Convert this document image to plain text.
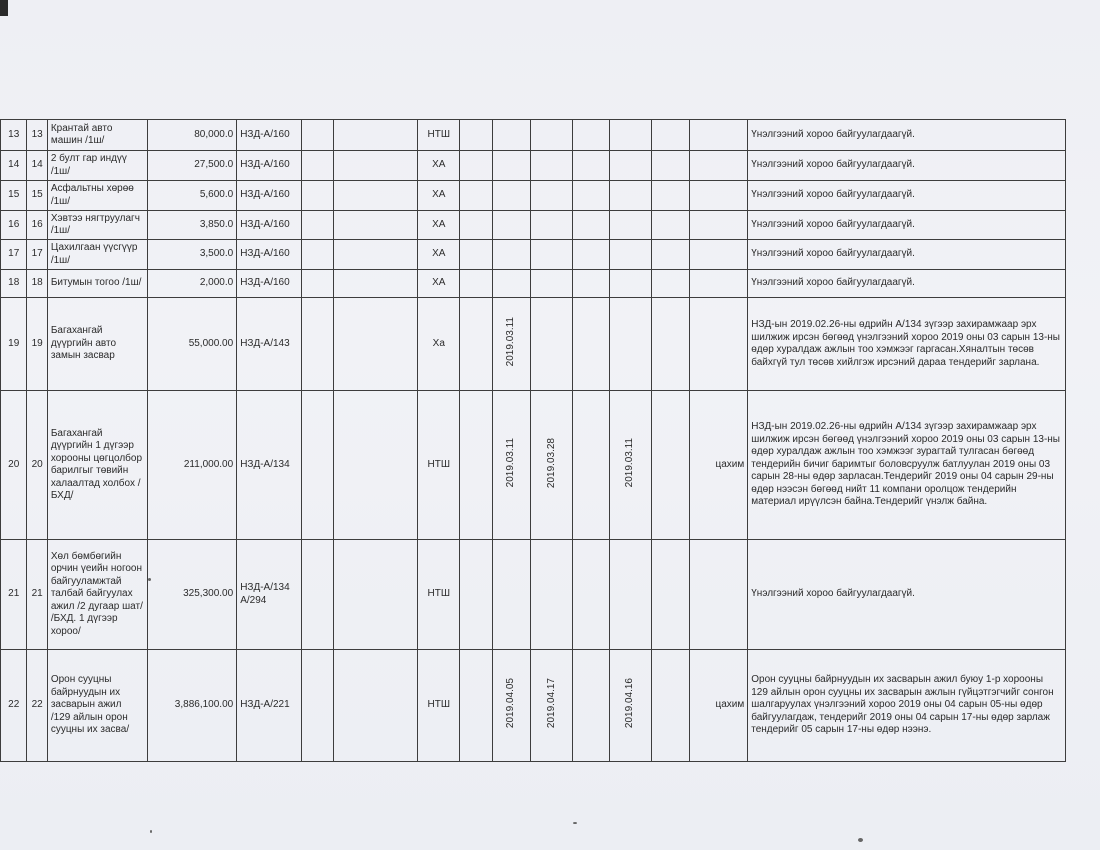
13	13	Крантай авто машин /1ш/	80,000.0	НЗД-А/160			НТШ								Үнэлгээний хороо байгуулагдаагүй.
14	14	2 булт гар индүү /1ш/	27,500.0	НЗД-А/160			ХА								Үнэлгээний хороо байгуулагдаагүй.
15	15	Асфальтны хөрөө /1ш/	5,600.0	НЗД-А/160			ХА								Үнэлгээний хороо байгуулагдаагүй.
16	16	Хэвтээ нягтруулагч /1ш/	3,850.0	НЗД-А/160			ХА								Үнэлгээний хороо байгуулагдаагүй.
17	17	Цахилгаан үүсгүүр /1ш/	3,500.0	НЗД-А/160			ХА								Үнэлгээний хороо байгуулагдаагүй.
18	18	Битумын тогоо /1ш/	2,000.0	НЗД-А/160			ХА								Үнэлгээний хороо байгуулагдаагүй.
19	19	Багахангай дүүргийн авто замын засвар	55,000.00	НЗД-А/143			Ха		2019.03.11						НЗД-ын 2019.02.26-ны өдрийн А/134 зүгээр захирамжаар эрх шилжиж ирсэн бөгөөд үнэлгээний хороо 2019 оны 03 сарын 13-ны өдөр хуралдаж ажлын тоо хэмжээг гаргасан.Хяналтын төсөв байхгүй тул төсөв хийлгэж ирсэний дараа тендерийг зарлана.
20	20	Багахангай дүүргийн 1 дүгээр хорооны цөгцолбор барилгыг төвийн халаалтад холбох /БХД/	211,000.00	НЗД-А/134			НТШ		2019.03.11	2019.03.28		2019.03.11		цахим	НЗД-ын 2019.02.26-ны өдрийн А/134 зүгээр захирамжаар эрх шилжиж ирсэн бөгөөд үнэлгээний хороо 2019 оны 03 сарын 13-ны өдөр хуралдаж ажлын тоо хэмжээг зурагтай тулгасан бөгөөд тендерийн бичиг баримтыг боловсруулж батлуулан 2019 оны 03 сарын 28-ны өдөр зарласан.Тендерийг 2019 оны 04 сарын 29-ны өдөр нээсэн бөгөөд нийт 11 компани оролцож тендерийн материал ирүүлсэн байна.Тендерийг үнэлж байна.
21	21	Хөл бөмбөгийн орчин үеийн ногоон байгууламжтай талбай байгуулах ажил /2 дугаар шат/ /БХД. 1 дүгээр хороо/	325,300.00	НЗД-А/134 А/294			НТШ								Үнэлгээний хороо байгуулагдаагүй.
22	22	Орон сууцны байрнуудын их засварын ажил /129 айлын орон сууцны их засва/	3,886,100.00	НЗД-А/221			НТШ		2019.04.05	2019.04.17		2019.04.16		цахим	Орон сууцны байрнуудын их засварын ажил буюу 1-р хорооны 129 айлын орон сууцны их засварын ажлын гүйцэтгэгчийг сонгон шалгаруулах үнэлгээний хороо 2019 оны 04 сарын 05-ны өдөр байгуулагдаж, тендерийг 2019 оны 04 сарын 17-ны өдөр зарлаж тендерийг 05 сарын 17-ны өдөр нээнэ.
